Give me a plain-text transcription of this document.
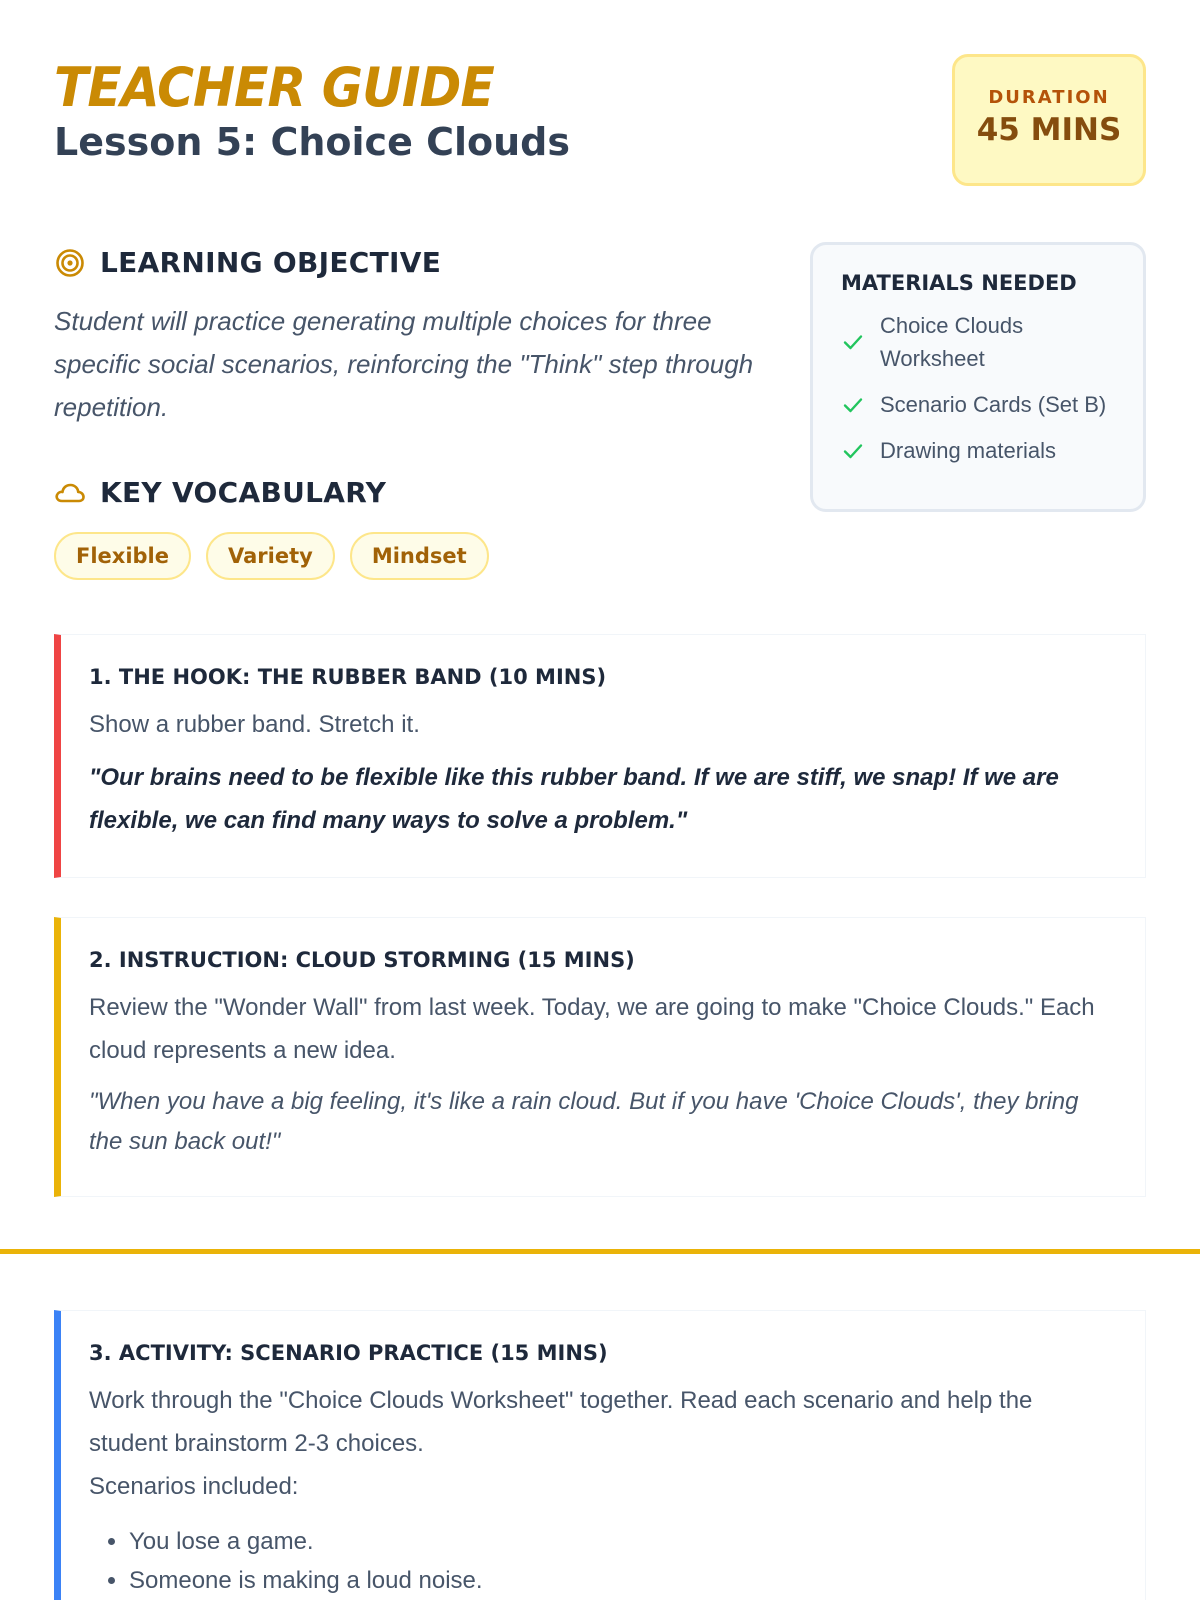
TEACHER GUIDE
Lesson 5: Choice Clouds
DURATION
45 MINS
LEARNING OBJECTIVE
Student will practice generating multiple choices for three specific social scenarios, reinforcing the "Think" step through repetition.
KEY VOCABULARY
Flexible	Variety	Mindset
MATERIALS NEEDED
Choice Clouds Worksheet
Scenario Cards (Set B)
Drawing materials
1. THE HOOK: THE RUBBER BAND (10 MINS)
Show a rubber band. Stretch it.
"Our brains need to be flexible like this rubber band. If we are stiff, we snap! If we are flexible, we can find many ways to solve a problem."
2. INSTRUCTION: CLOUD STORMING (15 MINS)
Review the "Wonder Wall" from last week. Today, we are going to make "Choice Clouds." Each cloud represents a new idea.
"When you have a big feeling, it's like a rain cloud. But if you have 'Choice Clouds', they bring the sun back out!"
3. ACTIVITY: SCENARIO PRACTICE (15 MINS)
Work through the "Choice Clouds Worksheet" together. Read each scenario and help the student brainstorm 2-3 choices.
Scenarios included:
• You lose a game.
• Someone is making a loud noise.
